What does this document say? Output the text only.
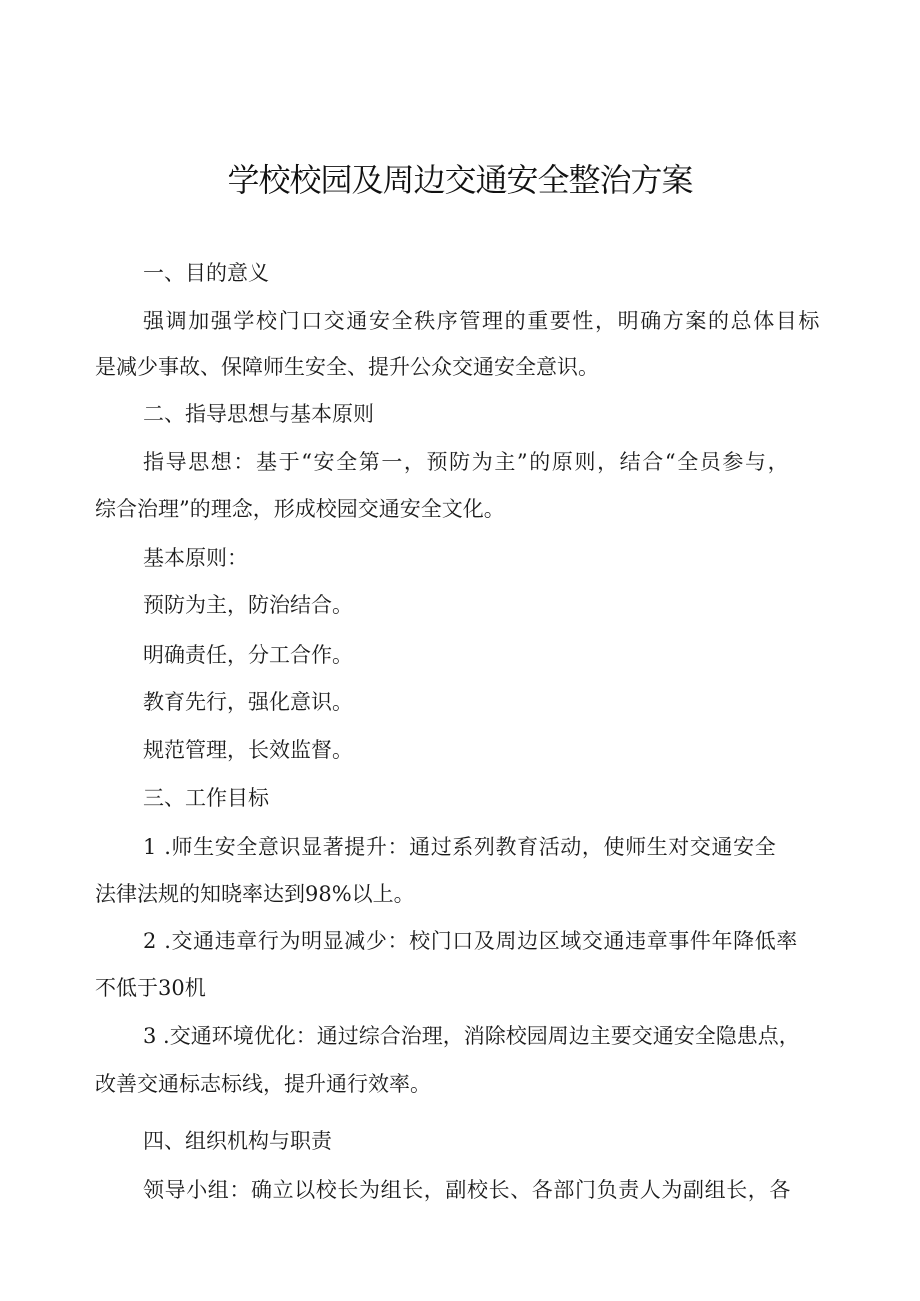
学校校园及周边交通安全整治方案

一、目的意义

强调加强学校门口交通安全秩序管理的重要性，明确方案的总体目标

是减少事故、保障师生安全、提升公众交通安全意识。

二、指导思想与基本原则

指导思想：基于“安全第一，预防为主”的原则，结合“全员参与，

综合治理”的理念，形成校园交通安全文化。

基本原则：

预防为主，防治结合。

明确责任，分工合作。

教育先行，强化意识。

规范管理，长效监督。

三、工作目标

1 .师生安全意识显著提升：通过系列教育活动，使师生对交通安全

法律法规的知晓率达到98%以上。

2 .交通违章行为明显减少：校门口及周边区域交通违章事件年降低率

不低于30机

3 .交通环境优化：通过综合治理，消除校园周边主要交通安全隐患点，

改善交通标志标线，提升通行效率。

四、组织机构与职责

领导小组：确立以校长为组长，副校长、各部门负责人为副组长，各
